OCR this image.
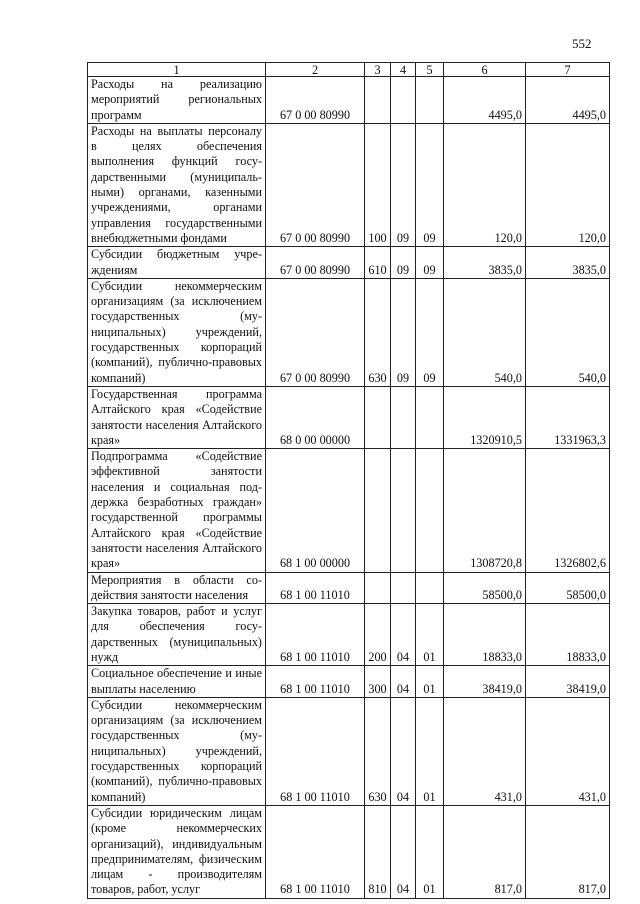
552
1	2	3	4	5	6	7
Расходы на реализацию мероприятий региональных программ	67 0 00 80990				4495,0	4495,0
Расходы на выплаты персоналу в целях обеспечения выполнения функций государственными (муниципальными) органами, казенными учреждениями, органами управления государственными внебюджетными фондами	67 0 00 80990	100	09	09	120,0	120,0
Субсидии бюджетным учреждениям	67 0 00 80990	610	09	09	3835,0	3835,0
Субсидии некоммерческим организациям (за исключением государственных (муниципальных) учреждений, государственных корпораций (компаний), публично-правовых компаний)	67 0 00 80990	630	09	09	540,0	540,0
Государственная программа Алтайского края «Содействие занятости населения Алтайского края»	68 0 00 00000				1320910,5	1331963,3
Подпрограмма «Содействие эффективной занятости населения и социальная поддержка безработных граждан» государственной программы Алтайского края «Содействие занятости населения Алтайского края»	68 1 00 00000				1308720,8	1326802,6
Мероприятия в области содействия занятости населения	68 1 00 11010				58500,0	58500,0
Закупка товаров, работ и услуг для обеспечения государственных (муниципальных) нужд	68 1 00 11010	200	04	01	18833,0	18833,0
Социальное обеспечение и иные выплаты населению	68 1 00 11010	300	04	01	38419,0	38419,0
Субсидии некоммерческим организациям (за исключением государственных (муниципальных) учреждений, государственных корпораций (компаний), публично-правовых компаний)	68 1 00 11010	630	04	01	431,0	431,0
Субсидии юридическим лицам (кроме некоммерческих организаций), индивидуальным предпринимателям, физическим лицам - производителям товаров, работ, услуг	68 1 00 11010	810	04	01	817,0	817,0
